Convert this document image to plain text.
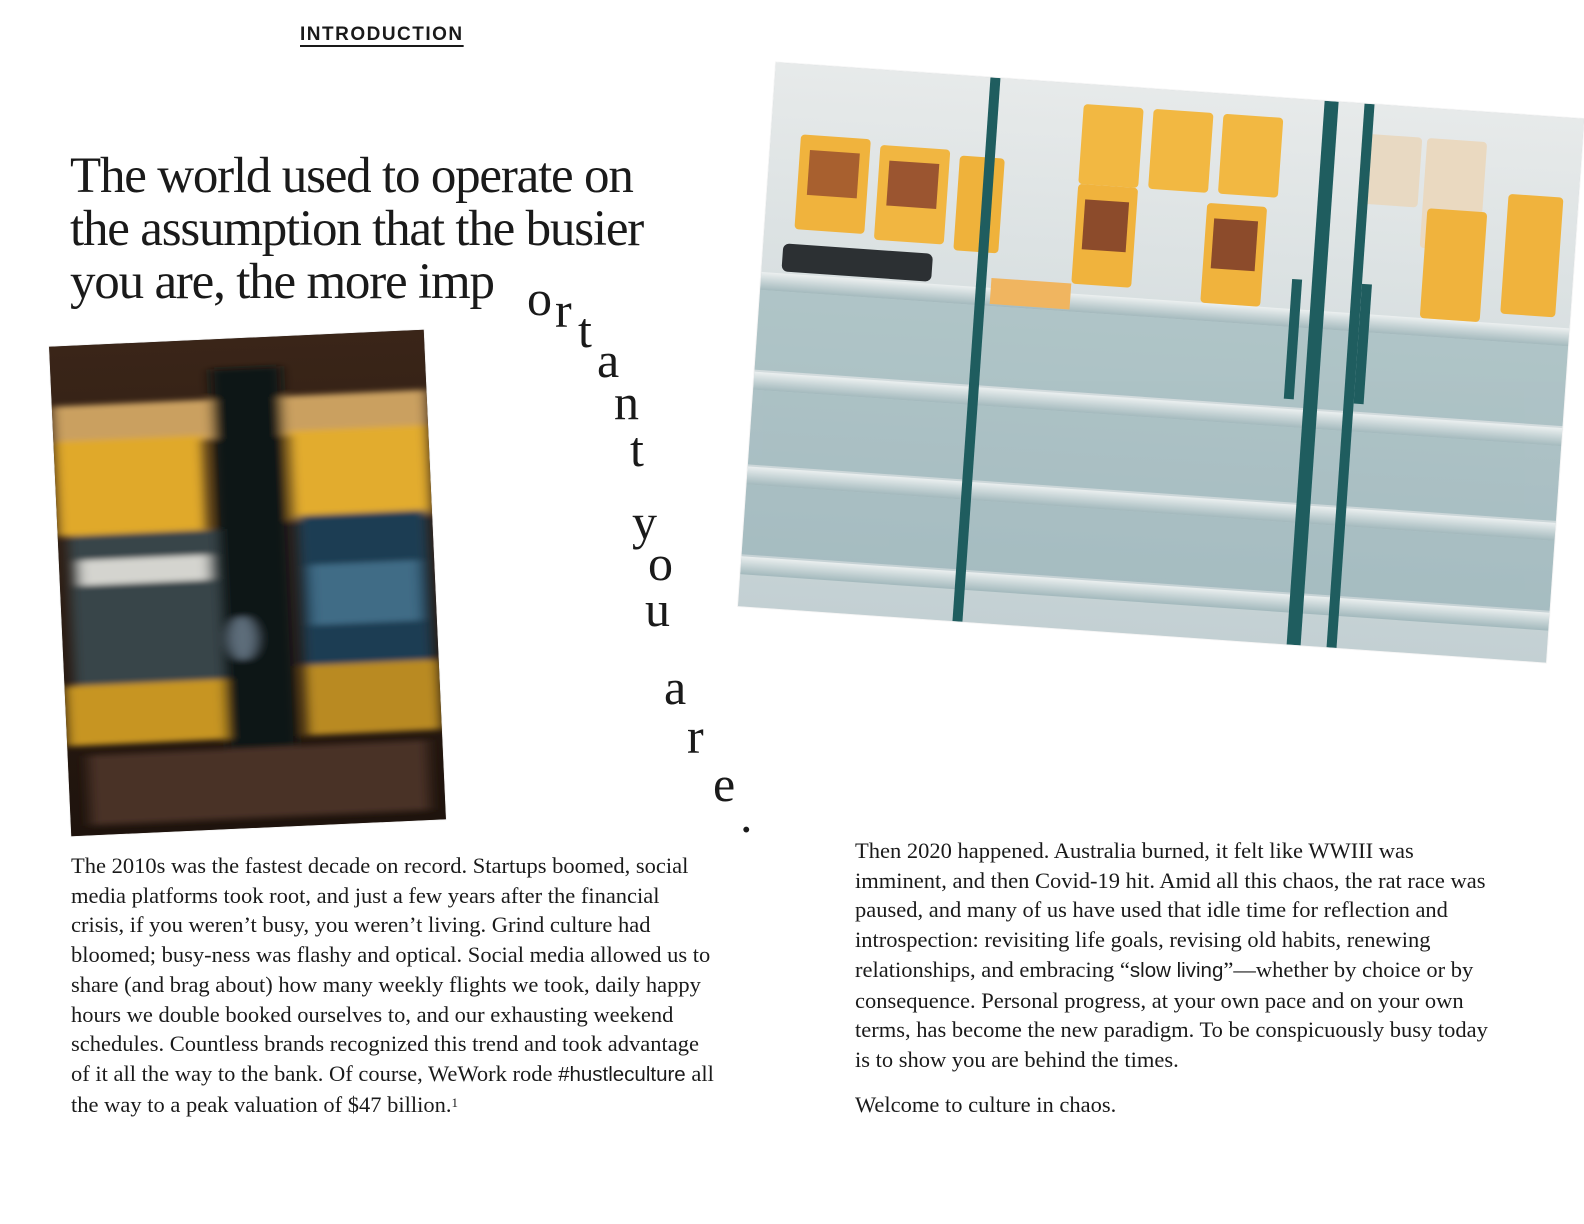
INTRODUCTION
The world used to operate on
the assumption that the busier
you are, the more imp o r t
a
n
t
y
o
u
a
r
e
.

The 2010s was the fastest decade on record. Startups boomed, social media platforms took root, and just a few years after the financial crisis, if you weren’t busy, you weren’t living. Grind culture had bloomed; busy-ness was flashy and optical. Social media allowed us to share (and brag about) how many weekly flights we took, daily happy hours we double booked ourselves to, and our exhausting weekend schedules. Countless brands recognized this trend and took advantage of it all the way to the bank. Of course, WeWork rode #hustleculture all the way to a peak valuation of $47 billion.$^1$

Then 2020 happened. Australia burned, it felt like WWIII was imminent, and then Covid-19 hit. Amid all this chaos, the rat race was paused, and many of us have used that idle time for reflection and introspection: revisiting life goals, revising old habits, renewing relationships, and embracing “slow living”—whether by choice or by consequence. Personal progress, at your own pace and on your own terms, has become the new paradigm. To be conspicuously busy today is to show you are behind the times.

Welcome to culture in chaos.
